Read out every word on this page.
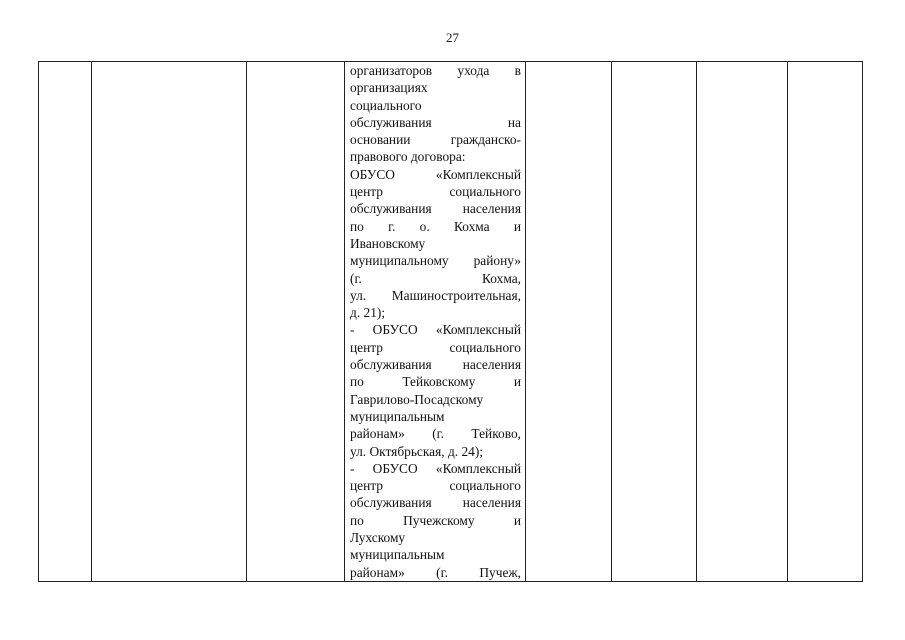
27

организаторов ухода в
организациях
социального
обслуживания на
основании гражданско-
правового договора:
ОБУСО «Комплексный
центр социального
обслуживания населения
по г. о. Кохма и
Ивановскому
муниципальному району»
(г. Кохма,
ул. Машиностроительная,
д. 21);
- ОБУСО «Комплексный
центр социального
обслуживания населения
по Тейковскому и
Гаврилово-Посадскому
муниципальным
районам» (г. Тейково,
ул. Октябрьская, д. 24);
- ОБУСО «Комплексный
центр социального
обслуживания населения
по Пучежскому и
Лухскому
муниципальным
районам» (г. Пучеж,
